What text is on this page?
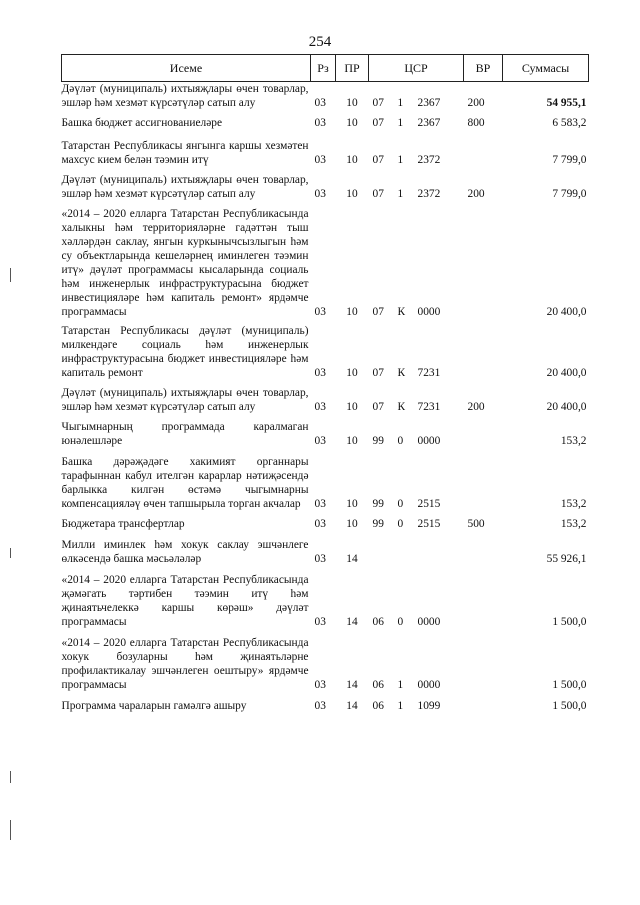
254
Исеме	Рз	ПР	ЦСР			ВР	Суммасы

Дәүләт (муниципаль) ихтыяҗлары өчен товарлар, эшләр һәм хезмәт күрсәтүләр сатып алу	03	10	07	1	2367	200	54 955,1

Башка бюджет ассигнованиеләре	03	10	07	1	2367	800	6 583,2

Татарстан Республикасы янгынга каршы хезмәтен махсус кием белән тәэмин итү	03	10	07	1	2372		7 799,0

Дәүләт (муниципаль) ихтыяҗлары өчен товарлар, эшләр һәм хезмәт күрсәтүләр сатып алу	03	10	07	1	2372	200	7 799,0

«2014 – 2020 елларга Татарстан Республикасында халыкны һәм территорияләрне гадәттән тыш хәлләрдән саклау, янгын куркынычсызлыгын һәм су объектларында кешеләрнең иминлеген тәэмин итү» дәүләт программасы кысаларында социаль һәм инженерлык инфраструктурасына бюджет инвестицияләре һәм капиталь ремонт» ярдәмче программасы	03	10	07	К	0000		20 400,0

Татарстан Республикасы дәүләт (муниципаль) милкендәге социаль һәм инженерлык инфраструктурасына бюджет инвестицияләре һәм капиталь ремонт	03	10	07	К	7231		20 400,0

Дәүләт (муниципаль) ихтыяҗлары өчен товарлар, эшләр һәм хезмәт күрсәтүләр сатып алу	03	10	07	К	7231	200	20 400,0

Чыгымнарның программада каралмаган юнәлешләре	03	10	99	0	0000		153,2

Башка дәрәҗәдәге хакимият органнары тарафыннан кабул ителгән карарлар нәтиҗәсендә барлыкка килгән өстәмә чыгымнарны компенсацияләү өчен тапшырыла торган акчалар	03	10	99	0	2515		153,2

Бюджетара трансфертлар	03	10	99	0	2515	500	153,2

Милли иминлек һәм хокук саклау эшчәнлеге өлкәсендә башка мәсьәләләр	03	14					55 926,1

«2014 – 2020 елларга Татарстан Республикасында җәмәгать тәртибен тәэмин итү һәм җинаятьчелеккә каршы көрәш» дәүләт программасы	03	14	06	0	0000		1 500,0

«2014 – 2020 елларга Татарстан Республикасында хокук бозуларны һәм җинаятьләрне профилактикалау эшчәнлеген оештыру» ярдәмче программасы	03	14	06	1	0000		1 500,0

Программа чараларын гамәлгә ашыру	03	14	06	1	1099		1 500,0
